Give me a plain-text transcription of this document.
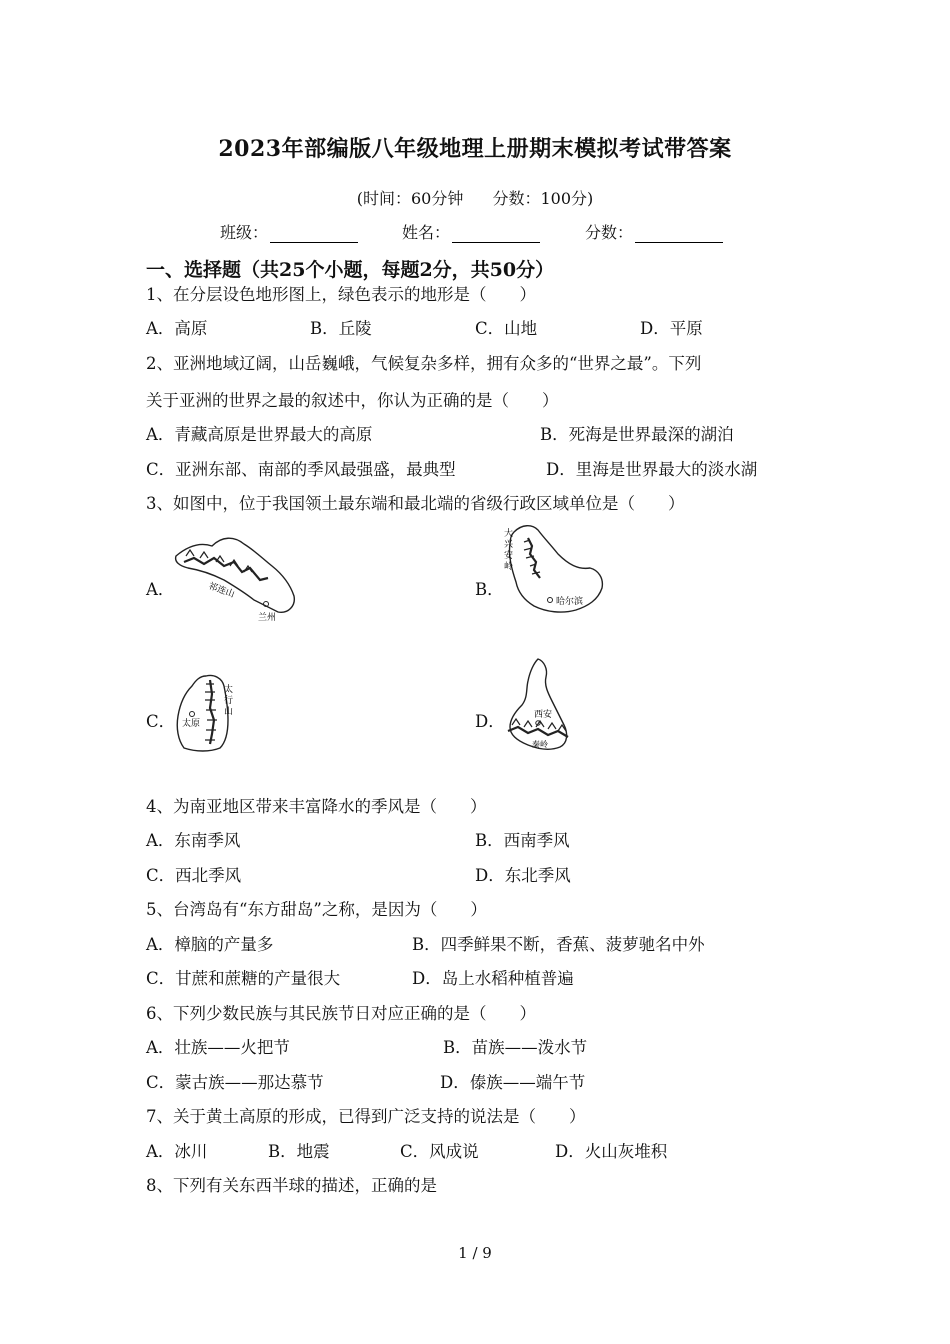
2023年部编版八年级地理上册期末模拟考试带答案
(时间：60分钟 分数：100分)
班级：	姓名：	分数：
一、选择题（共25个小题，每题2分，共50分）
1、在分层设色地形图上，绿色表示的地形是（　　）
A．高原	B．丘陵	C．山地	D．平原
2、亚洲地域辽阔，山岳巍峨，气候复杂多样，拥有众多的“世界之最”。下列
关于亚洲的世界之最的叙述中，你认为正确的是（　　）
A．青藏高原是世界最大的高原	B．死海是世界最深的湖泊
C．亚洲东部、南部的季风最强盛，最典型	D．里海是世界最大的淡水湖
3、如图中，位于我国领土最东端和最北端的省级行政区域单位是（　　）
A．	祁连山
兰州
B．
大
兴
安
岭
哈尔滨
C．
太
行
山
太原	D．	西安
秦岭
4、为南亚地区带来丰富降水的季风是（　　）
A．东南季风	B．西南季风
C．西北季风	D．东北季风
5、台湾岛有“东方甜岛”之称，是因为（　　）
A．樟脑的产量多	B．四季鲜果不断，香蕉、菠萝驰名中外
C．甘蔗和蔗糖的产量很大	D．岛上水稻种植普遍
6、下列少数民族与其民族节日对应正确的是（　　）
A．壮族——火把节	B．苗族——泼水节
C．蒙古族——那达慕节	D．傣族——端午节
7、关于黄土高原的形成，已得到广泛支持的说法是（　　）
A．冰川	B．地震	C．风成说	D．火山灰堆积
8、下列有关东西半球的描述，正确的是
1 / 9
